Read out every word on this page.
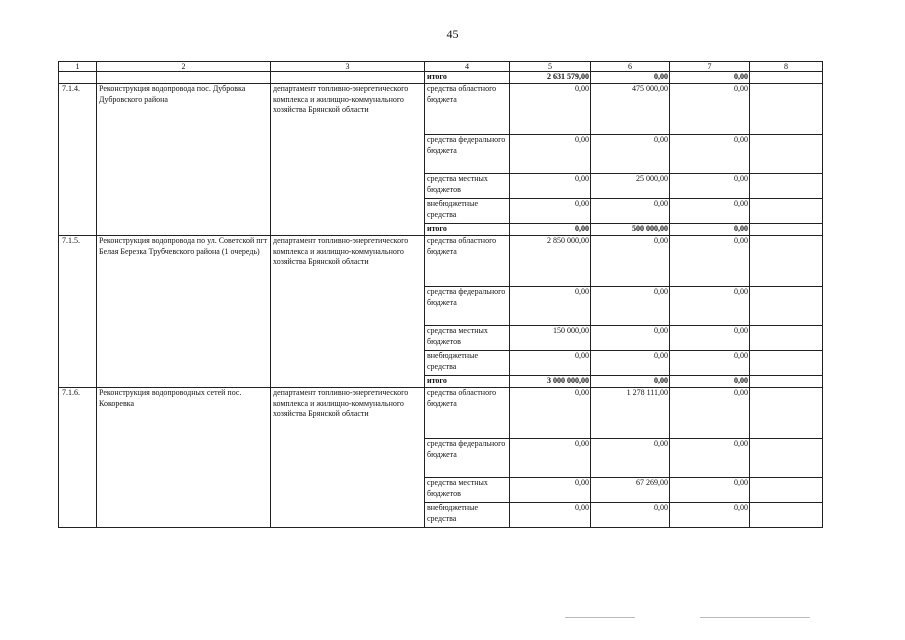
45
1	2	3	4	5	6	7	8
			итого	2 631 579,00	0,00	0,00	
7.1.4.	Реконструкция водопровода пос. Дубровка Дубровского района	департамент топливно-энергетического комплекса и жилищно-коммунального хозяйства Брянской области	средства областного бюджета	0,00	475 000,00	0,00	
			средства федерального бюджета	0,00	0,00	0,00	
			средства местных бюджетов	0,00	25 000,00	0,00	
			внебюджетные средства	0,00	0,00	0,00	
			итого	0,00	500 000,00	0,00	
7.1.5.	Реконструкция водопровода по ул. Советской пгт Белая Березка Трубчевского района (1 очередь)	департамент топливно-энергетического комплекса и жилищно-коммунального хозяйства Брянской области	средства областного бюджета	2 850 000,00	0,00	0,00	
			средства федерального бюджета	0,00	0,00	0,00	
			средства местных бюджетов	150 000,00	0,00	0,00	
			внебюджетные средства	0,00	0,00	0,00	
			итого	3 000 000,00	0,00	0,00	
7.1.6.	Реконструкция водопроводных сетей пос. Кокоревка	департамент топливно-энергетического комплекса и жилищно-коммунального хозяйства Брянской области	средства областного бюджета	0,00	1 278 111,00	0,00	
			средства федерального бюджета	0,00	0,00	0,00	
			средства местных бюджетов	0,00	67 269,00	0,00	
			внебюджетные средства	0,00	0,00	0,00	
